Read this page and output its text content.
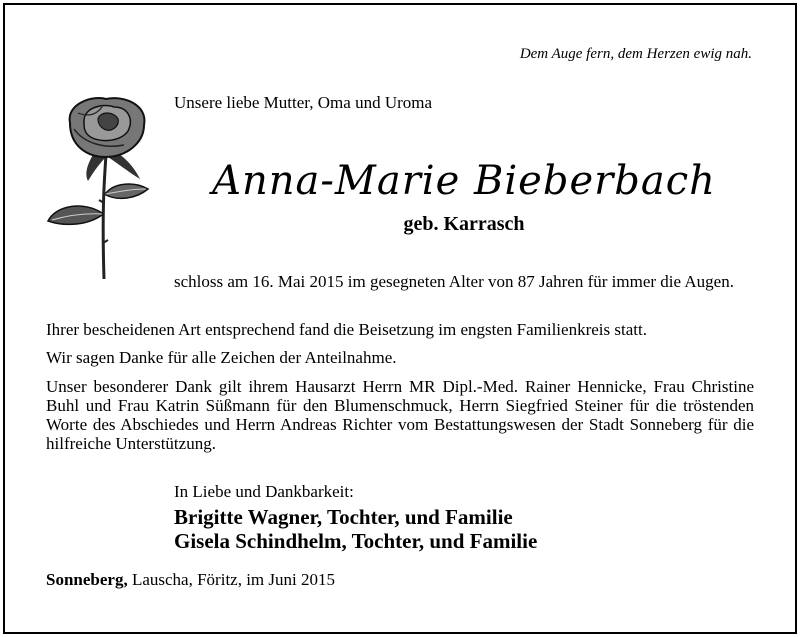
Dem Auge fern, dem Herzen ewig nah.
Unsere liebe Mutter, Oma und Uroma
Anna-Marie Bieberbach
geb. Karrasch
schloss am 16. Mai 2015 im gesegneten Alter von 87 Jahren für immer die Augen.
Ihrer bescheidenen Art entsprechend fand die Beisetzung im engsten Familienkreis statt.
Wir sagen Danke für alle Zeichen der Anteilnahme.
Unser besonderer Dank gilt ihrem Hausarzt Herrn MR Dipl.-Med. Rainer Hennicke, Frau Christine Buhl und Frau Katrin Süßmann für den Blumenschmuck, Herrn Siegfried Steiner für die tröstenden Worte des Abschiedes und Herrn Andreas Richter vom Bestattungswesen der Stadt Sonneberg für die hilfreiche Unterstützung.
In Liebe und Dankbarkeit:
Brigitte Wagner, Tochter, und Familie
Gisela Schindhelm, Tochter, und Familie
Sonneberg, Lauscha, Föritz, im Juni 2015
